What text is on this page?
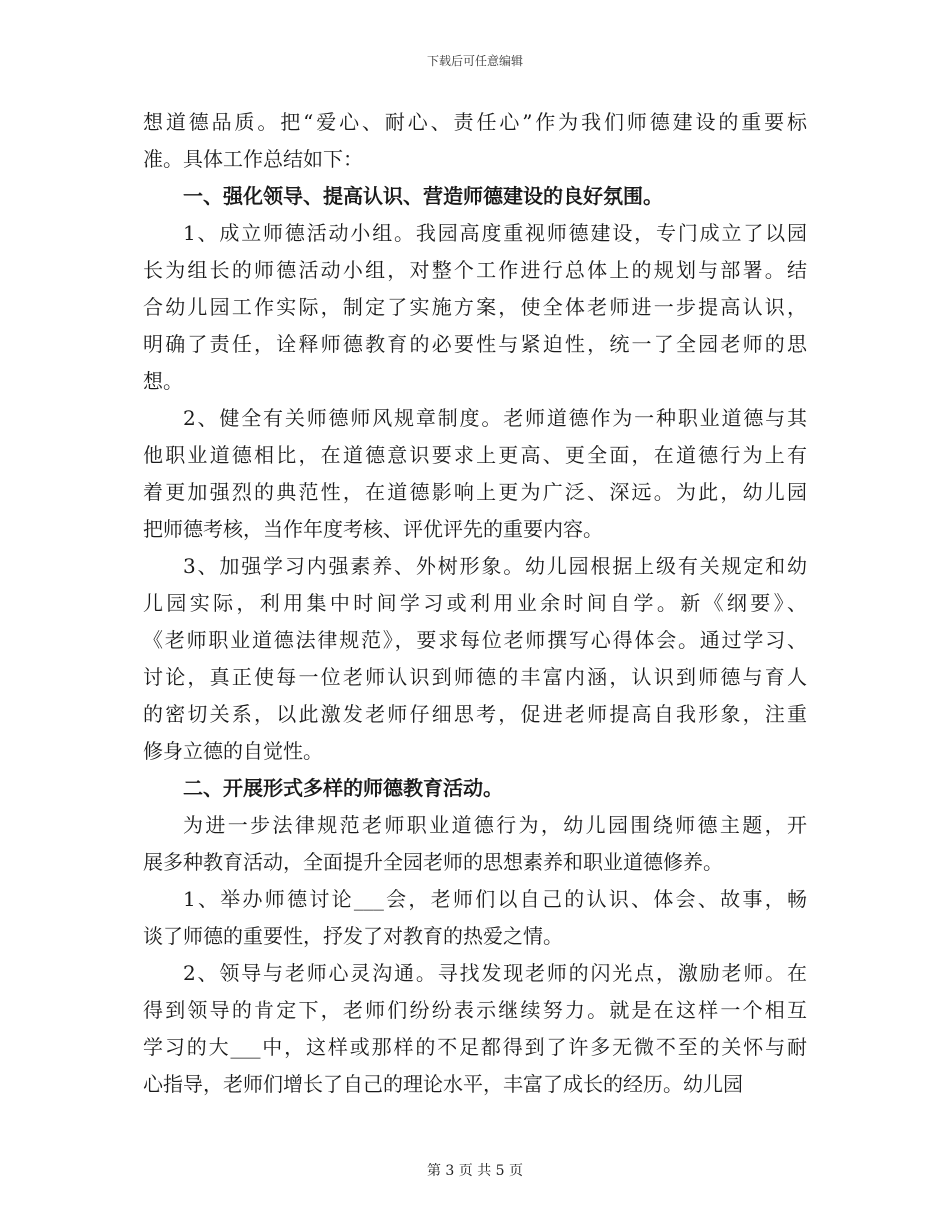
下载后可任意编辑
想道德品质。把“爱心、耐心、责任心”作为我们师德建设的重要标
准。具体工作总结如下：
一、强化领导、提高认识、营造师德建设的良好氛围。
1、成立师德活动小组。我园高度重视师德建设，专门成立了以园
长为组长的师德活动小组，对整个工作进行总体上的规划与部署。结
合幼儿园工作实际，制定了实施方案，使全体老师进一步提高认识，
明确了责任，诠释师德教育的必要性与紧迫性，统一了全园老师的思
想。
2、健全有关师德师风规章制度。老师道德作为一种职业道德与其
他职业道德相比，在道德意识要求上更高、更全面，在道德行为上有
着更加强烈的典范性，在道德影响上更为广泛、深远。为此，幼儿园
把师德考核，当作年度考核、评优评先的重要内容。
3、加强学习内强素养、外树形象。幼儿园根据上级有关规定和幼
儿园实际，利用集中时间学习或利用业余时间自学。新《纲要》、
《老师职业道德法律规范》，要求每位老师撰写心得体会。通过学习、
讨论，真正使每一位老师认识到师德的丰富内涵，认识到师德与育人
的密切关系，以此激发老师仔细思考，促进老师提高自我形象，注重
修身立德的自觉性。
二、开展形式多样的师德教育活动。
为进一步法律规范老师职业道德行为，幼儿园围绕师德主题，开
展多种教育活动，全面提升全园老师的思想素养和职业道德修养。
1、举办师德讨论___会，老师们以自己的认识、体会、故事，畅
谈了师德的重要性，抒发了对教育的热爱之情。
2、领导与老师心灵沟通。寻找发现老师的闪光点，激励老师。在
得到领导的肯定下，老师们纷纷表示继续努力。就是在这样一个相互
学习的大___中，这样或那样的不足都得到了许多无微不至的关怀与耐
心指导，老师们增长了自己的理论水平，丰富了成长的经历。幼儿园
第 3 页 共 5 页
